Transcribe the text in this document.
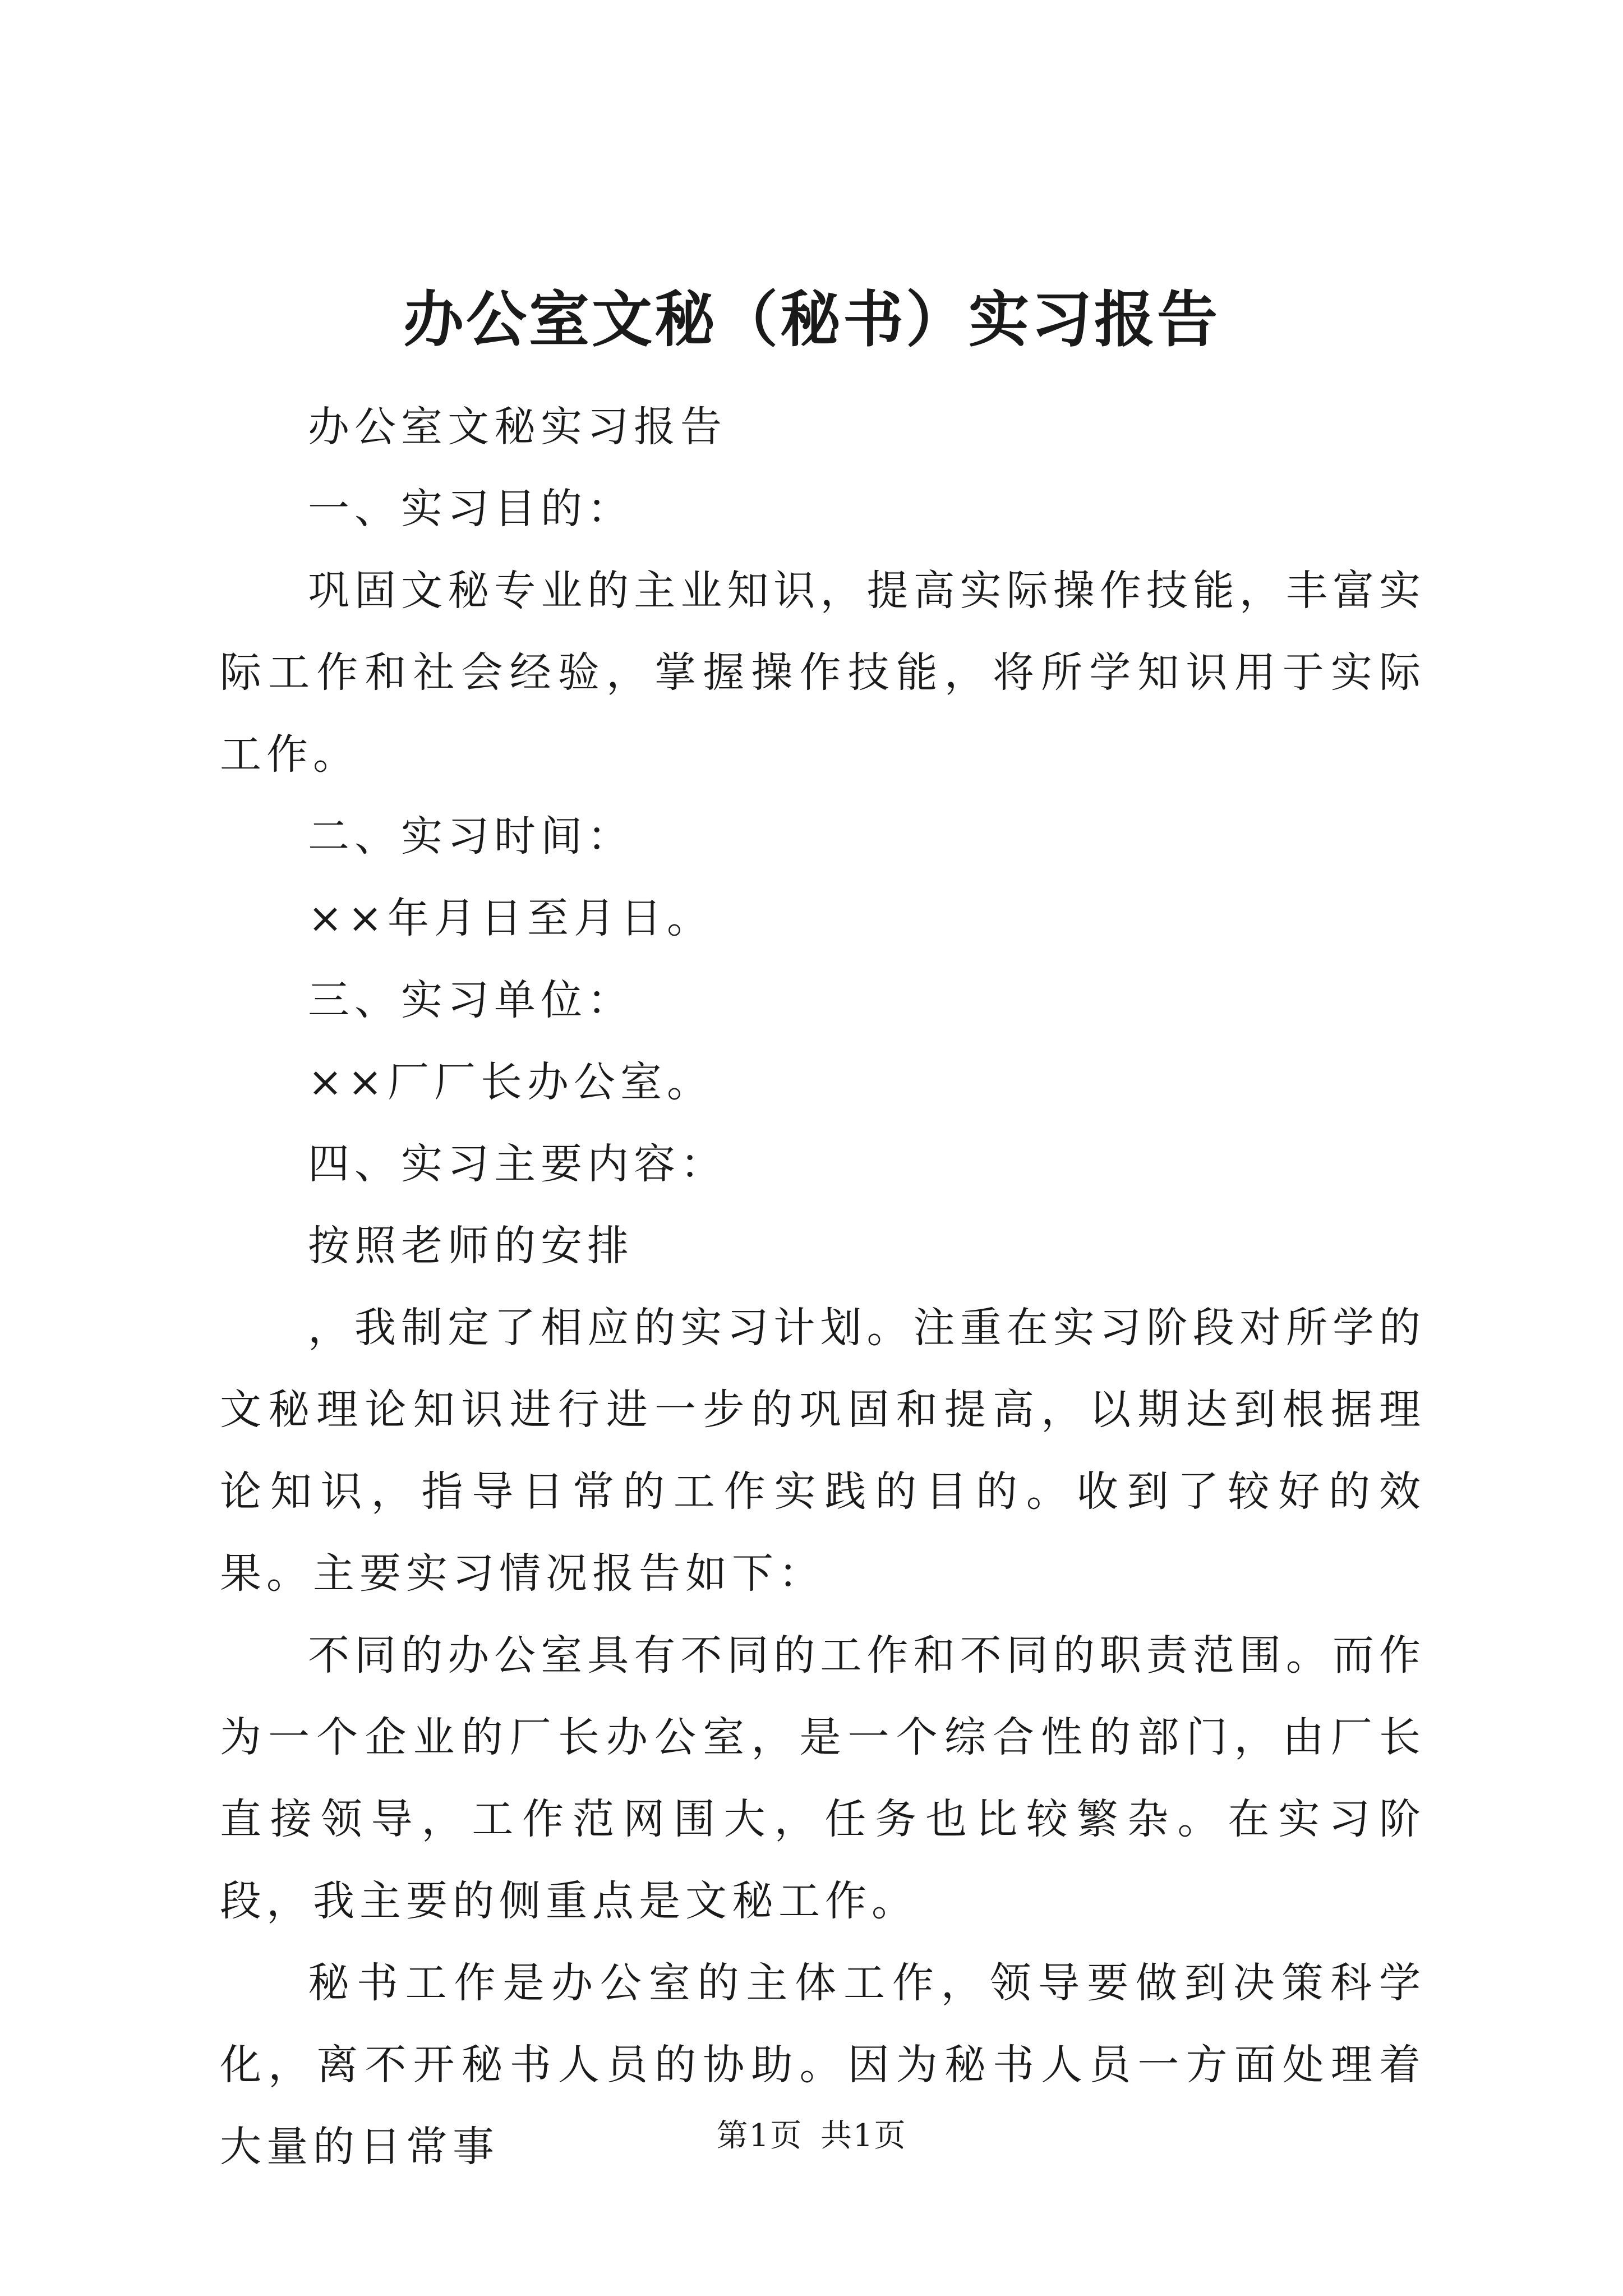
办公室文秘（秘书）实习报告

办公室文秘实习报告

一、实习目的：

巩固文秘专业的主业知识，提高实际操作技能，丰富实际工作和社会经验，掌握操作技能，将所学知识用于实际工作。

二、实习时间：

××年月日至月日。

三、实习单位：

××厂厂长办公室。

四、实习主要内容：

按照老师的安排

，我制定了相应的实习计划。注重在实习阶段对所学的文秘理论知识进行进一步的巩固和提高，以期达到根据理论知识，指导日常的工作实践的目的。收到了较好的效果。主要实习情况报告如下：

不同的办公室具有不同的工作和不同的职责范围。而作为一个企业的厂长办公室，是一个综合性的部门，由厂长直接领导，工作范网围大，任务也比较繁杂。在实习阶段，我主要的侧重点是文秘工作。

秘书工作是办公室的主体工作，领导要做到决策科学化，离不开秘书人员的协助。因为秘书人员一方面处理着大量的日常事	第1页 共1页
